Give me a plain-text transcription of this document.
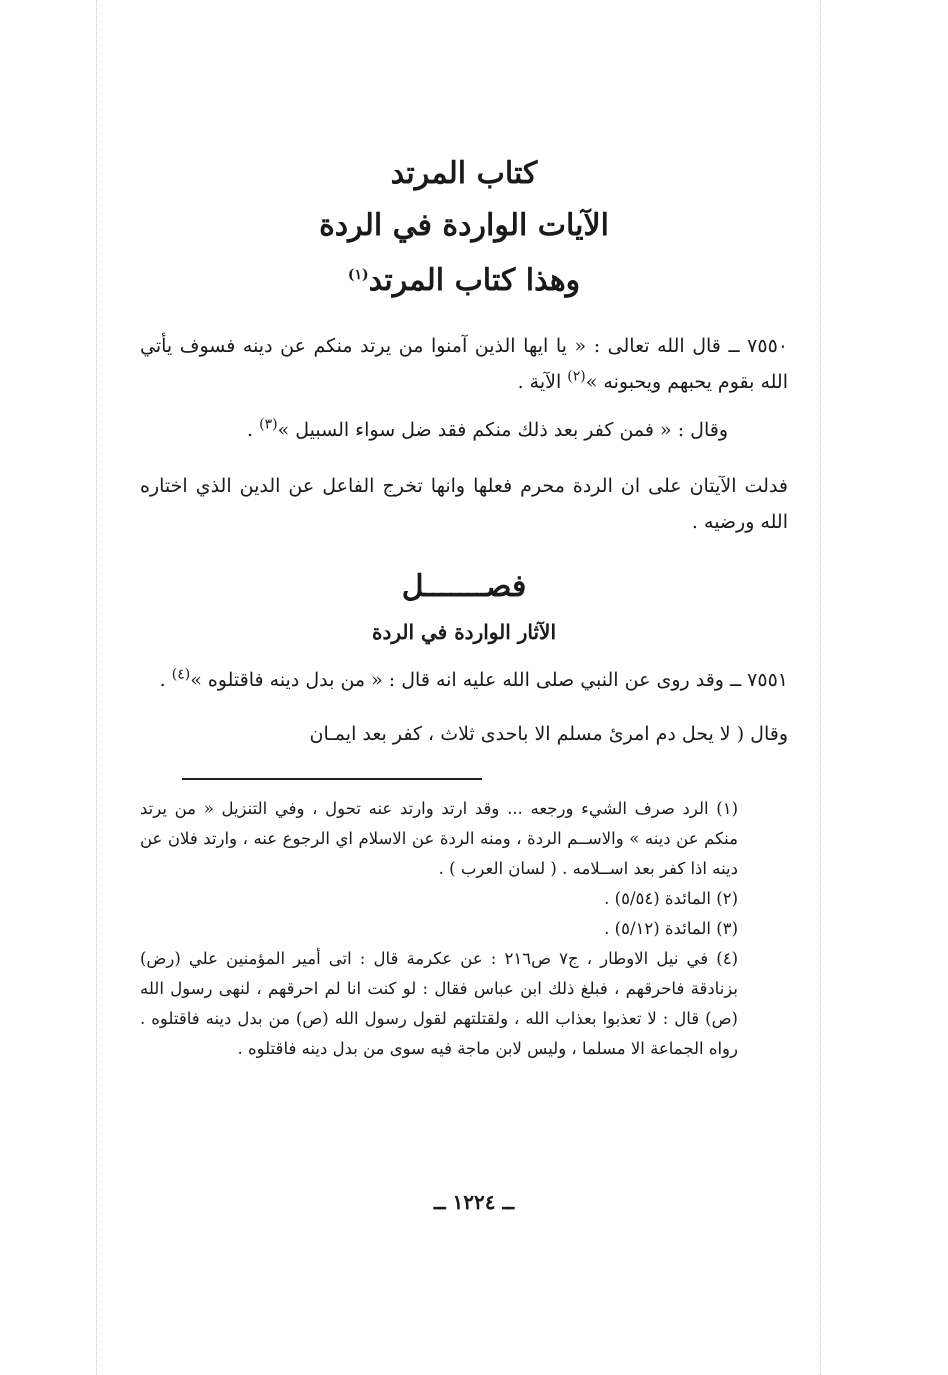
كتاب المرتد

الآيات الواردة في الردة

وهذا كتاب المرتد$^{(١)}$

٧٥٥٠ ــ قال الله تعالى : « يا ايها الذين آمنوا من يرتد منكم عن دينه فسوف يأتي الله بقوم يحبهم ويحبونه »$^{(٢)}$ الآية .

وقال : « فمن كفر بعد ذلك منكم فقد ضل سواء السبيل »$^{(٣)}$ .

فدلت الآيتان على ان الردة محرم فعلها وانها تخرج الفاعل عن الدين الذي اختاره الله ورضيه .

فصـــــــل
الآثار الواردة في الردة

٧٥٥١ ــ وقد روى عن النبي صلى الله عليه انه قال : « من بدل دينه فاقتلوه »$^{(٤)}$ .

وقال ( لا يحل دم امرئ مسلم الا باحدى ثلاث ، كفر بعد ايمـان

(١) الرد صرف الشيء ورجعه ... وقد ارتد وارتد عنه تحول ، وفي التنزيل « من يرتد منكم عن دينه » والاســم الردة ، ومنه الردة عن الاسلام اي الرجوع عنه ، وارتد فلان عن دينه اذا كفر بعد اســلامه . ( لسان العرب ) .

(٢) المائدة (٥/٥٤) .

(٣) المائدة (٥/١٢) .

(٤) في نيل الاوطار ، ج٧ ص٢١٦ : عن عكرمة قال : اتى أمير المؤمنين علي (رض) بزنادقة فاحرقهم ، فبلغ ذلك ابن عباس فقال : لو كنت انا لم احرقهم ، لنهى رسول الله (ص) قال : لا تعذبوا بعذاب الله ، ولقتلتهم لقول رسول الله (ص) من بدل دينه فاقتلوه . رواه الجماعة الا مسلما ، وليس لابن ماجة فيه سوى من بدل دينه فاقتلوه .

ــ ١٢٢٤ ــ
